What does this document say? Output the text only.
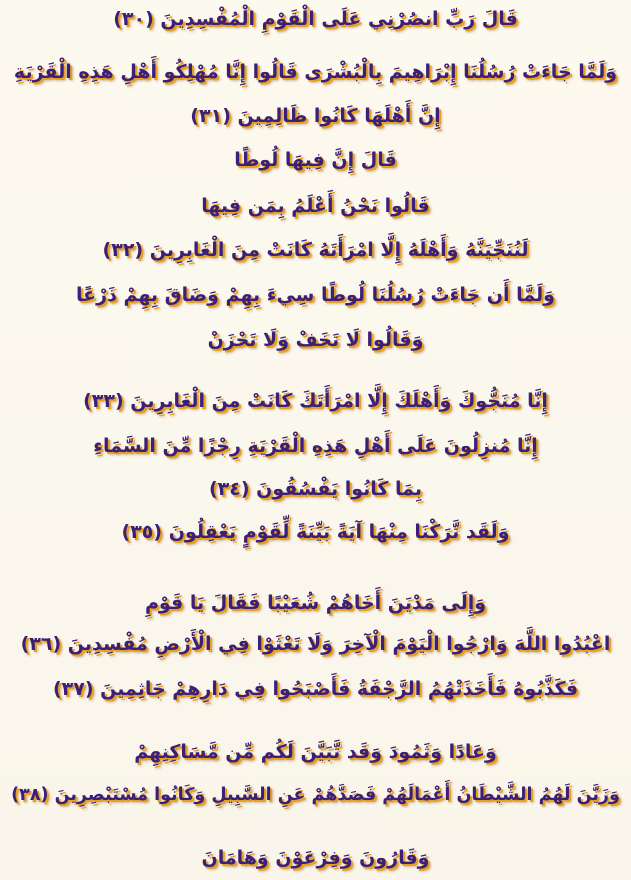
قَالَ رَبِّ انصُرْنِي عَلَى الْقَوْمِ الْمُفْسِدِينَ (٣٠)
وَلَمَّا جَاءَتْ رُسُلُنَا إِبْرَاهِيمَ بِالْبُشْرَى قَالُوا إِنَّا مُهْلِكُو أَهْلِ هَذِهِ الْقَرْيَةِ
إِنَّ أَهْلَهَا كَانُوا ظَالِمِينَ (٣١)
قَالَ إِنَّ فِيهَا لُوطًا
قَالُوا نَحْنُ أَعْلَمُ بِمَن فِيهَا
لَنُنَجِّيَنَّهُ وَأَهْلَهُ إِلَّا امْرَأَتَهُ كَانَتْ مِنَ الْغَابِرِينَ (٣٢)
وَلَمَّا أَن جَاءَتْ رُسُلُنَا لُوطًا سِيءَ بِهِمْ وَضَاقَ بِهِمْ ذَرْعًا
وَقَالُوا لَا تَخَفْ وَلَا تَحْزَنْ
إِنَّا مُنَجُّوكَ وَأَهْلَكَ إِلَّا امْرَأَتَكَ كَانَتْ مِنَ الْغَابِرِينَ (٣٣)
إِنَّا مُنزِلُونَ عَلَى أَهْلِ هَذِهِ الْقَرْيَةِ رِجْزًا مِّنَ السَّمَاءِ
بِمَا كَانُوا يَفْسُقُونَ (٣٤)
وَلَقَد تَّرَكْنَا مِنْهَا آيَةً بَيِّنَةً لِّقَوْمٍ يَعْقِلُونَ (٣٥)
وَإِلَى مَدْيَنَ أَخَاهُمْ شُعَيْبًا فَقَالَ يَا قَوْمِ
اعْبُدُوا اللَّهَ وَارْجُوا الْيَوْمَ الْآخِرَ وَلَا تَعْثَوْا فِي الْأَرْضِ مُفْسِدِينَ (٣٦)
فَكَذَّبُوهُ فَأَخَذَتْهُمُ الرَّجْفَةُ فَأَصْبَحُوا فِي دَارِهِمْ جَاثِمِينَ (٣٧)
وَعَادًا وَثَمُودَ وَقَد تَّبَيَّنَ لَكُم مِّن مَّسَاكِنِهِمْ
وَزَيَّنَ لَهُمُ الشَّيْطَانُ أَعْمَالَهُمْ فَصَدَّهُمْ عَنِ السَّبِيلِ وَكَانُوا مُسْتَبْصِرِينَ (٣٨)
وَقَارُونَ وَفِرْعَوْنَ وَهَامَانَ
